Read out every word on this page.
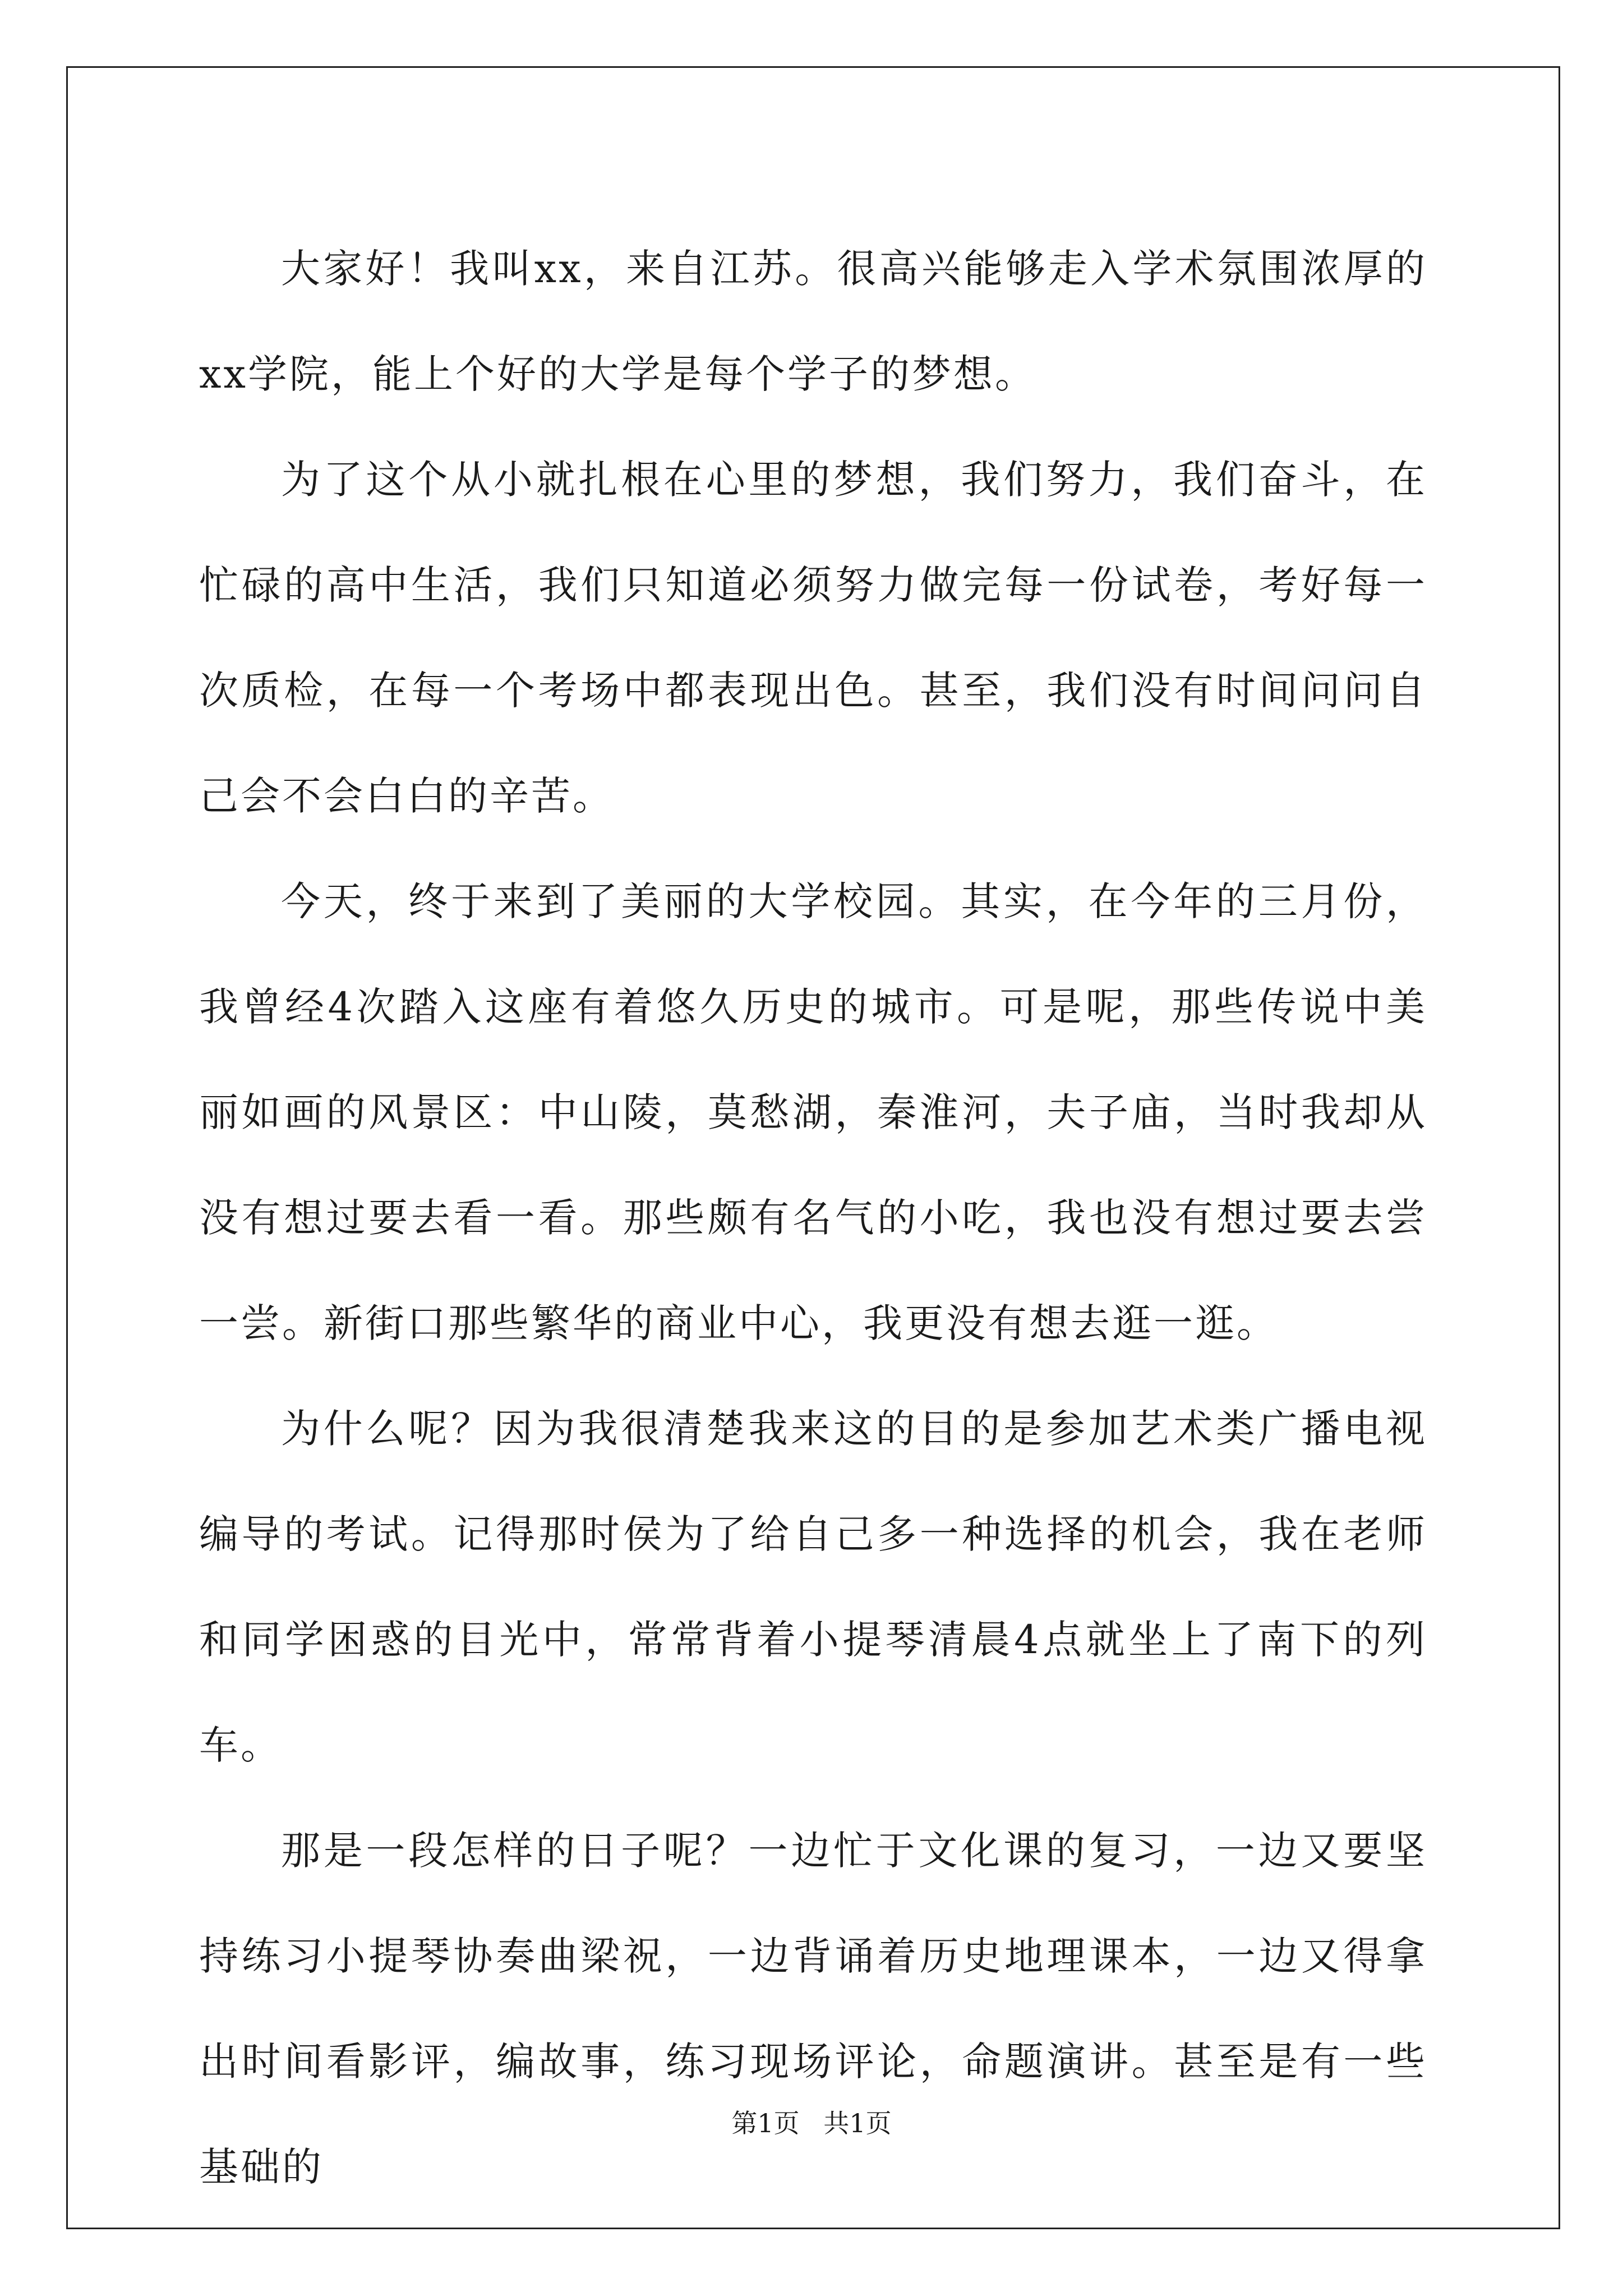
大家好！我叫xx，来自江苏。很高兴能够走入学术氛围浓厚的xx学院，能上个好的大学是每个学子的梦想。

为了这个从小就扎根在心里的梦想，我们努力，我们奋斗，在忙碌的高中生活，我们只知道必须努力做完每一份试卷，考好每一次质检，在每一个考场中都表现出色。甚至，我们没有时间问问自己会不会白白的辛苦。

今天，终于来到了美丽的大学校园。其实，在今年的三月份，我曾经4次踏入这座有着悠久历史的城市。可是呢，那些传说中美丽如画的风景区：中山陵，莫愁湖，秦淮河，夫子庙，当时我却从没有想过要去看一看。那些颇有名气的小吃，我也没有想过要去尝一尝。新街口那些繁华的商业中心，我更没有想去逛一逛。

为什么呢？因为我很清楚我来这的目的是参加艺术类广播电视编导的考试。记得那时侯为了给自己多一种选择的机会，我在老师和同学困惑的目光中，常常背着小提琴清晨4点就坐上了南下的列车。

那是一段怎样的日子呢？一边忙于文化课的复习，一边又要坚持练习小提琴协奏曲梁祝，一边背诵着历史地理课本，一边又得拿出时间看影评，编故事，练习现场评论，命题演讲。甚至是有一些基础的

第1页 共1页
